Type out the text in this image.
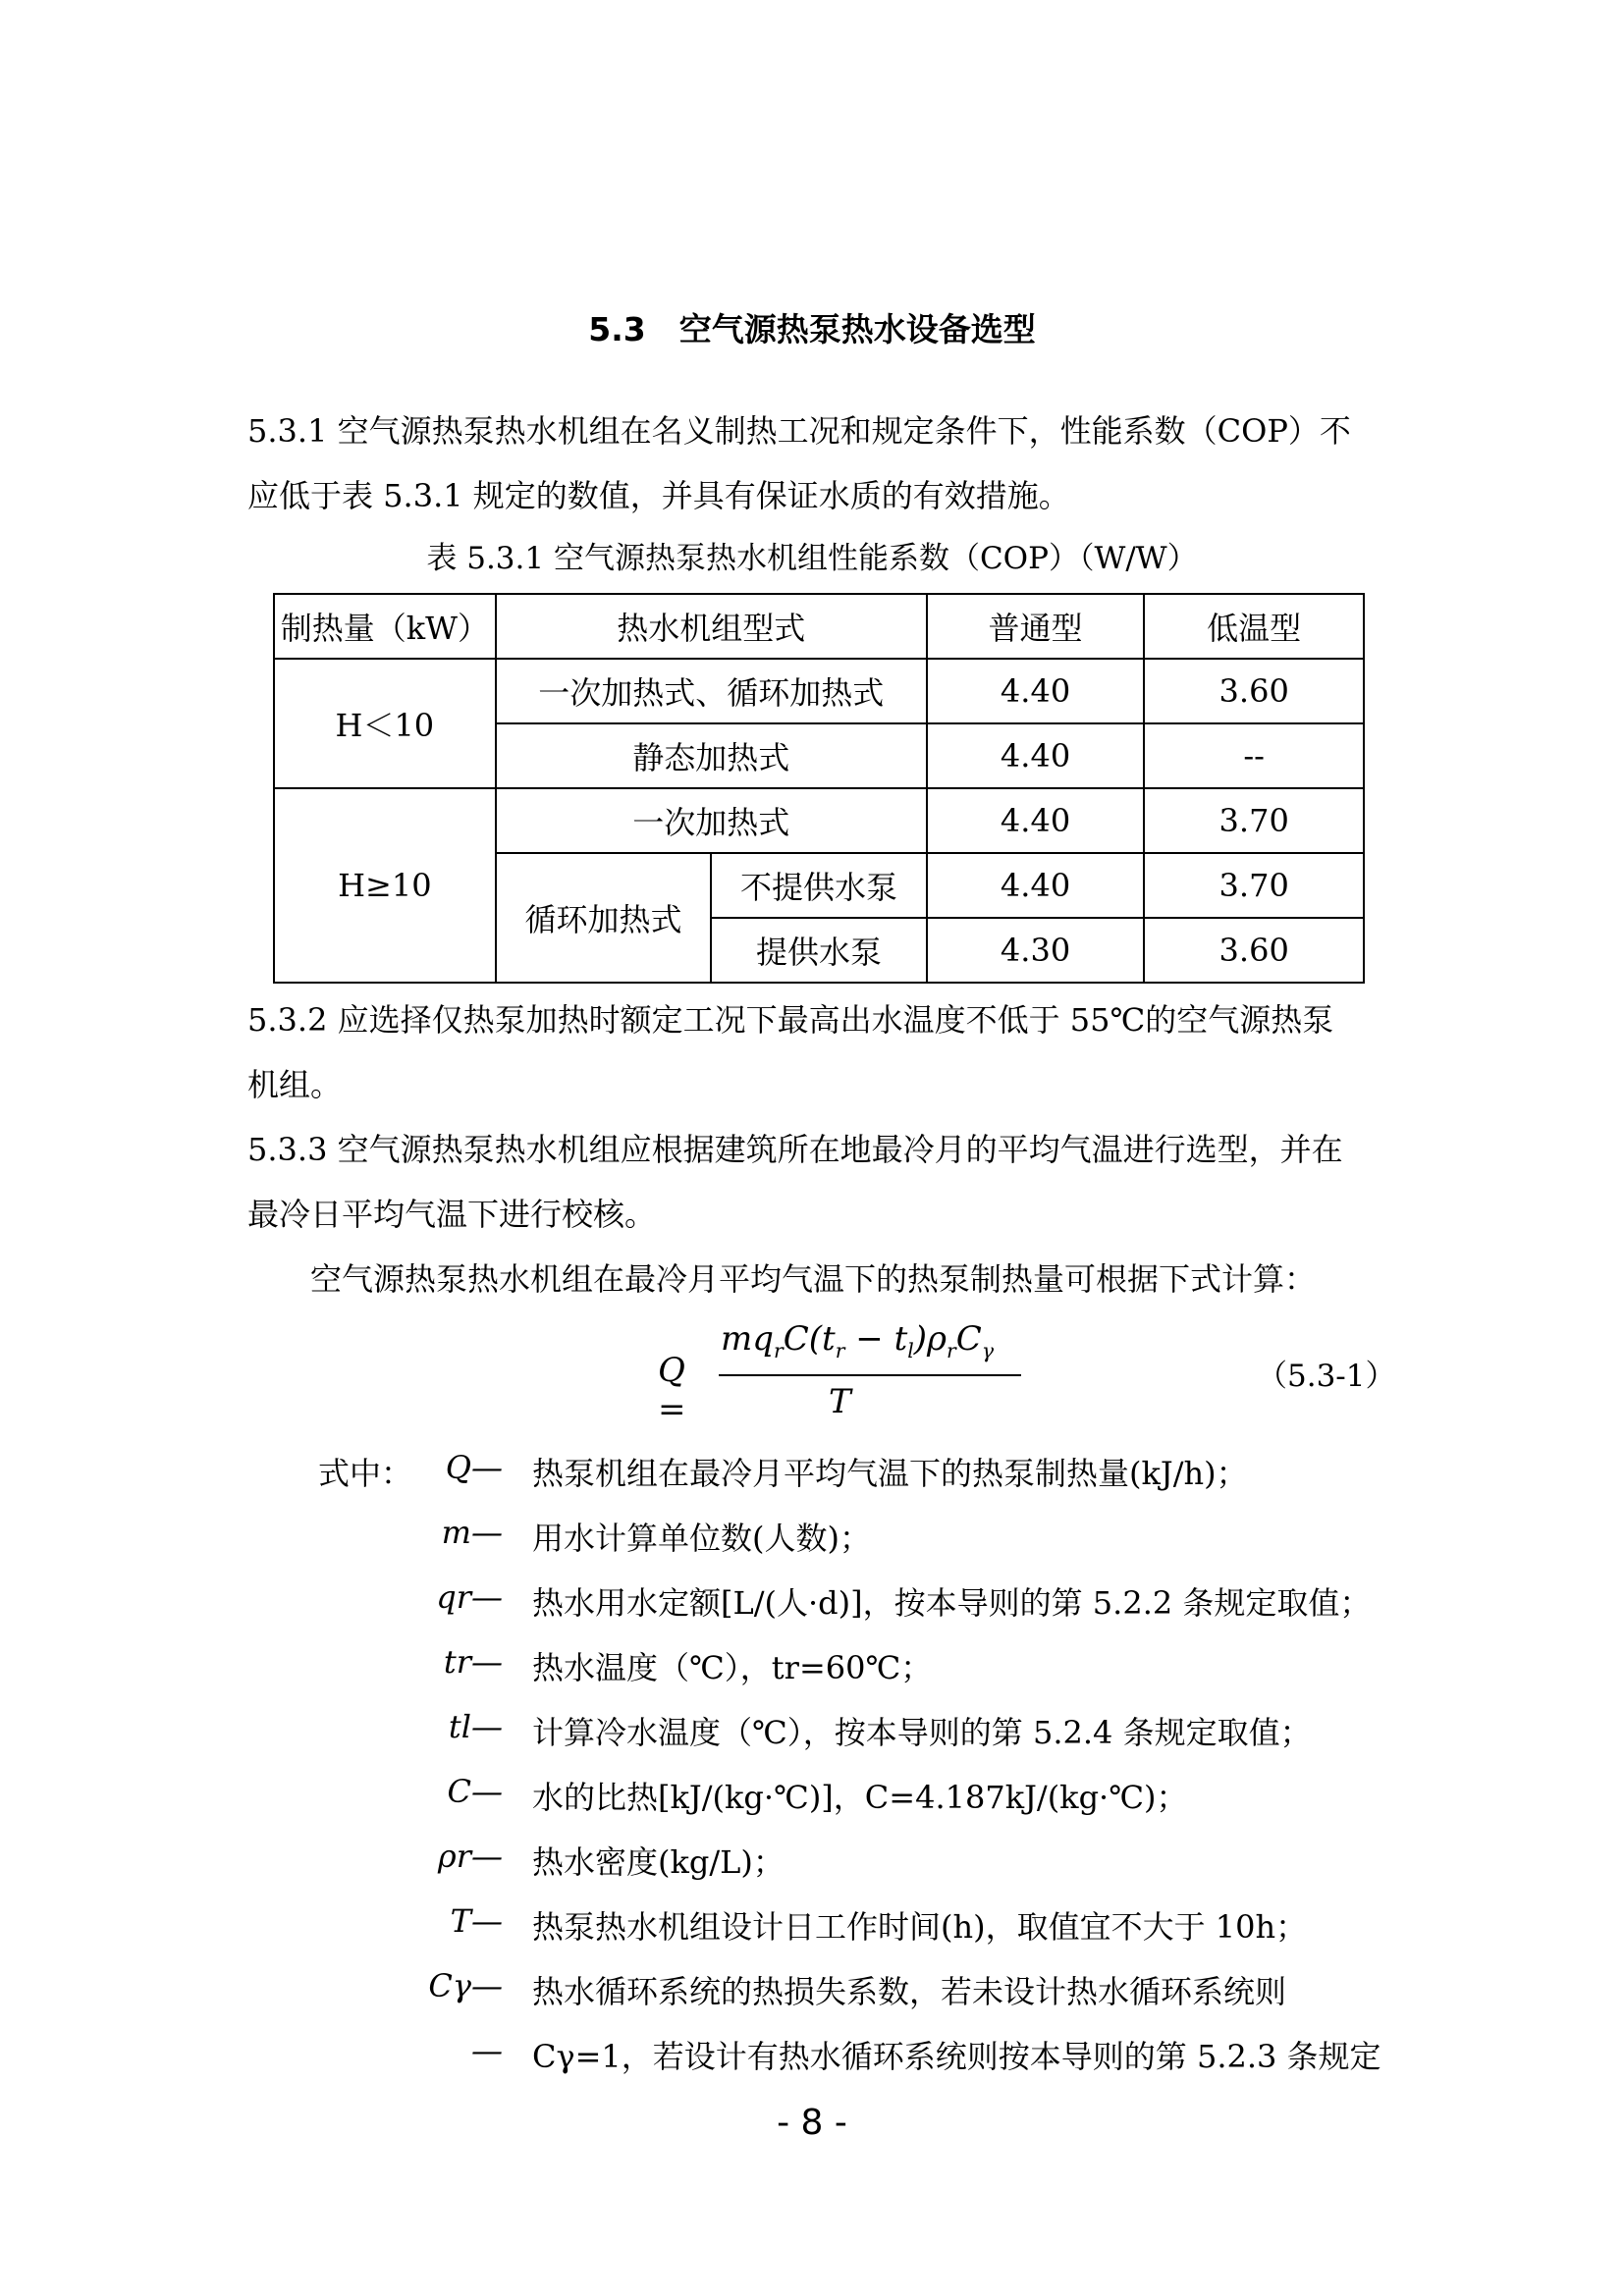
5.3 空气源热泵热水设备选型
5.3.1 空气源热泵热水机组在名义制热工况和规定条件下，性能系数（COP）不
应低于表 5.3.1 规定的数值，并具有保证水质的有效措施。
表 5.3.1 空气源热泵热水机组性能系数（COP）（W/W）
制热量（kW）	热水机组型式		普通型	低温型
H＜10	一次加热式、循环加热式		4.40	3.60
	静态加热式		4.40	--
H≥10	一次加热式		4.40	3.70
	循环加热式	不提供水泵	4.40	3.70
		提供水泵	4.30	3.60
5.3.2 应选择仅热泵加热时额定工况下最高出水温度不低于 55℃的空气源热泵
机组。
5.3.3 空气源热泵热水机组应根据建筑所在地最冷月的平均气温进行选型，并在
最冷日平均气温下进行校核。
空气源热泵热水机组在最冷月平均气温下的热泵制热量可根据下式计算：
Q =
$mq_rC(t_r - t_l)\rho_rC_\gamma$
T
（5.3-1）
式中：	Q— 热泵机组在最冷月平均气温下的热泵制热量(kJ/h)；
m— 用水计算单位数(人数)；
qr— 热水用水定额[L/(人·d)]，按本导则的第 5.2.2 条规定取值；
tr— 热水温度（℃），tr=60℃；
tl— 计算冷水温度（℃），按本导则的第 5.2.4 条规定取值；
C— 水的比热[kJ/(kg·℃)]，C=4.187kJ/(kg·℃)；
ρr— 热水密度(kg/L)；
T— 热泵热水机组设计日工作时间(h)，取值宜不大于 10h；
Cγ— 热水循环系统的热损失系数，若未设计热水循环系统则
— Cγ=1，若设计有热水循环系统则按本导则的第 5.2.3 条规定
- 8 -
